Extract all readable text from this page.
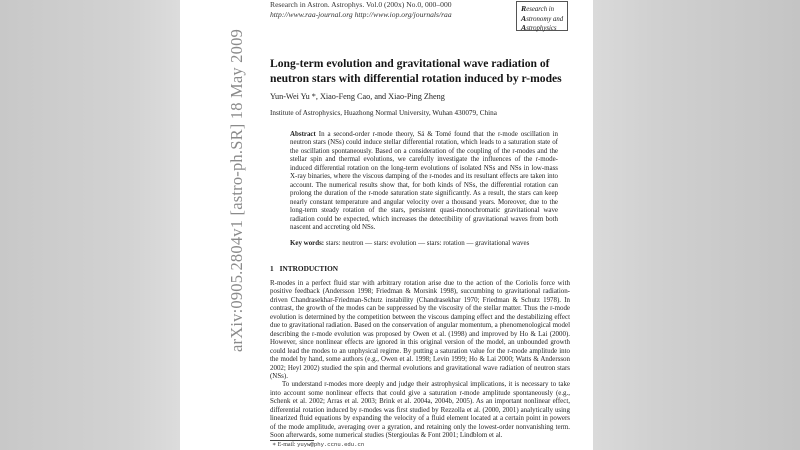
arXiv:0905.2804v1 [astro-ph.SR] 18 May 2009
Research in Astron. Astrophys. Vol.0 (200x) No.0, 000–000
http://www.raa-journal.org http://www.iop.org/journals/raa
Research in
Astronomy and
Astrophysics
Long-term evolution and gravitational wave radiation of neutron stars with differential rotation induced by r-modes
Yun-Wei Yu *, Xiao-Feng Cao, and Xiao-Ping Zheng
Institute of Astrophysics, Huazhong Normal University, Wuhan 430079, China
Abstract In a second-order r-mode theory, Sá & Tomé found that the r-mode oscillation in neutron stars (NSs) could induce stellar differential rotation, which leads to a saturation state of the oscillation spontaneously. Based on a consideration of the coupling of the r-modes and the stellar spin and thermal evolutions, we carefully investigate the influences of the r-mode-induced differential rotation on the long-term evolutions of isolated NSs and NSs in low-mass X-ray binaries, where the viscous damping of the r-modes and its resultant effects are taken into account. The numerical results show that, for both kinds of NSs, the differential rotation can prolong the duration of the r-mode saturation state significantly. As a result, the stars can keep nearly constant temperature and angular velocity over a thousand years. Moreover, due to the long-term steady rotation of the stars, persistent quasi-monochromatic gravitational wave radiation could be expected, which increases the detectibility of gravitational waves from both nascent and accreting old NSs.
Key words: stars: neutron — stars: evolution — stars: rotation — gravitational waves
1 INTRODUCTION

R-modes in a perfect fluid star with arbitrary rotation arise due to the action of the Coriolis force with positive feedback (Andersson 1998; Friedman & Morsink 1998), succumbing to gravitational radiation-driven Chandrasekhar-Friedman-Schutz instability (Chandrasekhar 1970; Friedman & Schutz 1978). In contrast, the growth of the modes can be suppressed by the viscosity of the stellar matter. Thus the r-mode evolution is determined by the competition between the viscous damping effect and the destabilizing effect due to gravitational radiation. Based on the conservation of angular momentum, a phenomenological model describing the r-mode evolution was proposed by Owen et al. (1998) and improved by Ho & Lai (2000). However, since nonlinear effects are ignored in this original version of the model, an unbounded growth could lead the modes to an unphysical regime. By putting a saturation value for the r-mode amplitude into the model by hand, some authors (e.g., Owen et al. 1998; Levin 1999; Ho & Lai 2000; Watts & Andersson 2002; Heyl 2002) studied the spin and thermal evolutions and gravitational wave radiation of neutron stars (NSs).

To understand r-modes more deeply and judge their astrophysical implications, it is necessary to take into account some nonlinear effects that could give a saturation r-mode amplitude spontaneously (e.g., Schenk et al. 2002; Arras et al. 2003; Brink et al. 2004a, 2004b, 2005). As an important nonlinear effect, differential rotation induced by r-modes was first studied by Rezzolla et al. (2000, 2001) analytically using linearized fluid equations by expanding the velocity of a fluid element located at a certain point in powers of the mode amplitude, averaging over a gyration, and retaining only the lowest-order nonvanishing term. Soon afterwards, some numerical studies (Stergioulas & Font 2001; Lindblom et al.

∗ E-mail: yuyw@phy.ccnu.edu.cn
